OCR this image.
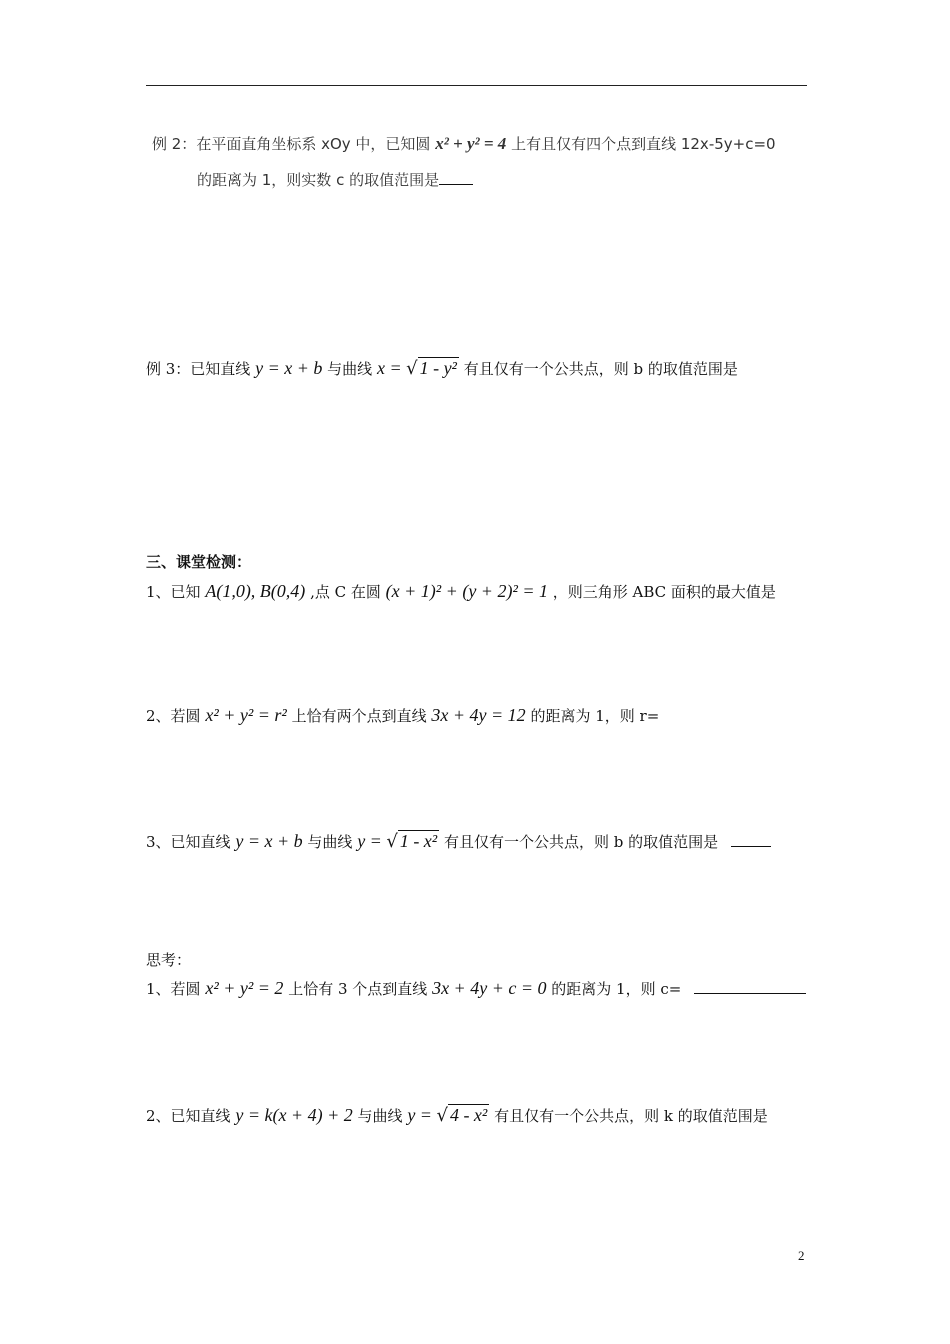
例 2：在平面直角坐标系 xOy 中，已知圆 x² + y² = 4 上有且仅有四个点到直线 12x-5y+c=0
的距离为 1，则实数 c 的取值范围是
例 3：已知直线 y = x + b 与曲线 x = √ 1 - y² 有且仅有一个公共点，则 b 的取值范围是
三、课堂检测：
1、已知 A(1,0), B(0,4) ,点 C 在圆 (x + 1)² + (y + 2)² = 1 ，则三角形 ABC 面积的最大值是
2、若圆 x² + y² = r² 上恰有两个点到直线 3x + 4y = 12 的距离为 1，则 r=
3、已知直线 y = x + b 与曲线 y = √ 1 - x² 有且仅有一个公共点，则 b 的取值范围是
思考：
1、若圆 x² + y² = 2 上恰有 3 个点到直线 3x + 4y + c = 0 的距离为 1，则 c=
2、已知直线 y = k(x + 4) + 2 与曲线 y = √ 4 - x² 有且仅有一个公共点，则 k 的取值范围是
2
